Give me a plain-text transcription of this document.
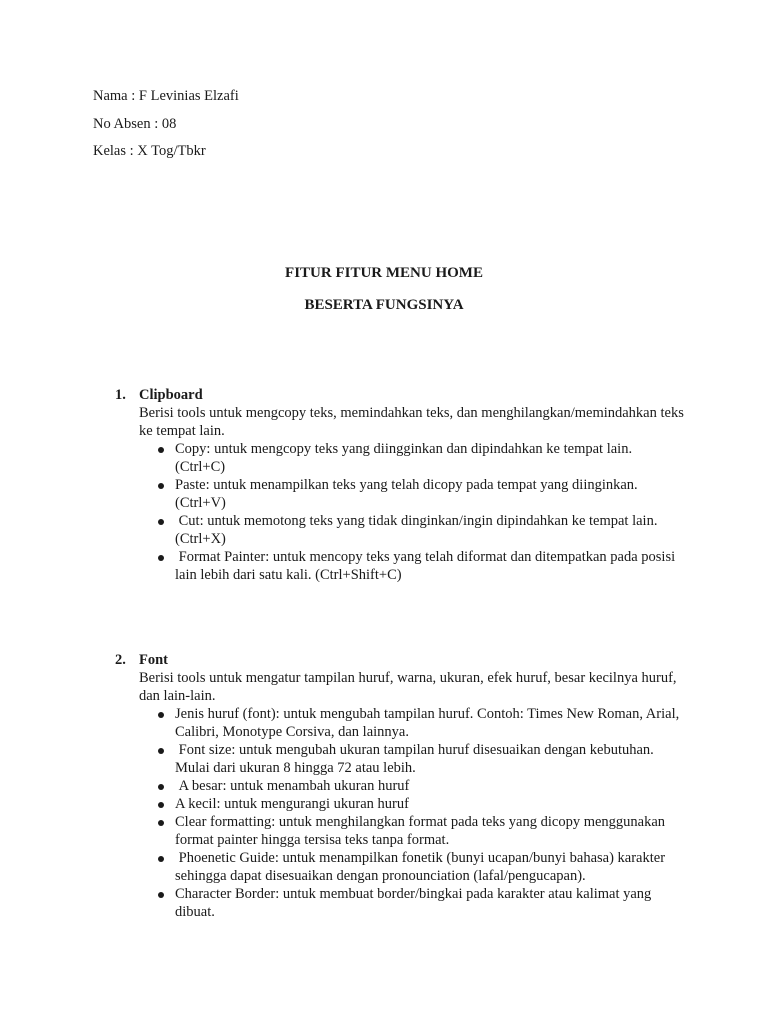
Nama : F Levinias Elzafi
No Absen : 08
Kelas : X Tog/Tbkr
FITUR FITUR MENU HOME
BESERTA FUNGSINYA
1. Clipboard
Berisi tools untuk mengcopy teks, memindahkan teks, dan menghilangkan/memindahkan teks ke tempat lain.
Copy: untuk mengcopy teks yang diingginkan dan dipindahkan ke tempat lain. (Ctrl+C)
Paste: untuk menampilkan teks yang telah dicopy pada tempat yang diinginkan. (Ctrl+V)
Cut: untuk memotong teks yang tidak dinginkan/ingin dipindahkan ke tempat lain. (Ctrl+X)
Format Painter: untuk mencopy teks yang telah diformat dan ditempatkan pada posisi lain lebih dari satu kali. (Ctrl+Shift+C)
2. Font
Berisi tools untuk mengatur tampilan huruf, warna, ukuran, efek huruf, besar kecilnya huruf, dan lain-lain.
Jenis huruf (font): untuk mengubah tampilan huruf. Contoh: Times New Roman, Arial, Calibri, Monotype Corsiva, dan lainnya.
Font size: untuk mengubah ukuran tampilan huruf disesuaikan dengan kebutuhan. Mulai dari ukuran 8 hingga 72 atau lebih.
A besar: untuk menambah ukuran huruf
A kecil: untuk mengurangi ukuran huruf
Clear formatting: untuk menghilangkan format pada teks yang dicopy menggunakan format painter hingga tersisa teks tanpa format.
Phoenetic Guide: untuk menampilkan fonetik (bunyi ucapan/bunyi bahasa) karakter sehingga dapat disesuaikan dengan pronounciation (lafal/pengucapan).
Character Border: untuk membuat border/bingkai pada karakter atau kalimat yang dibuat.
